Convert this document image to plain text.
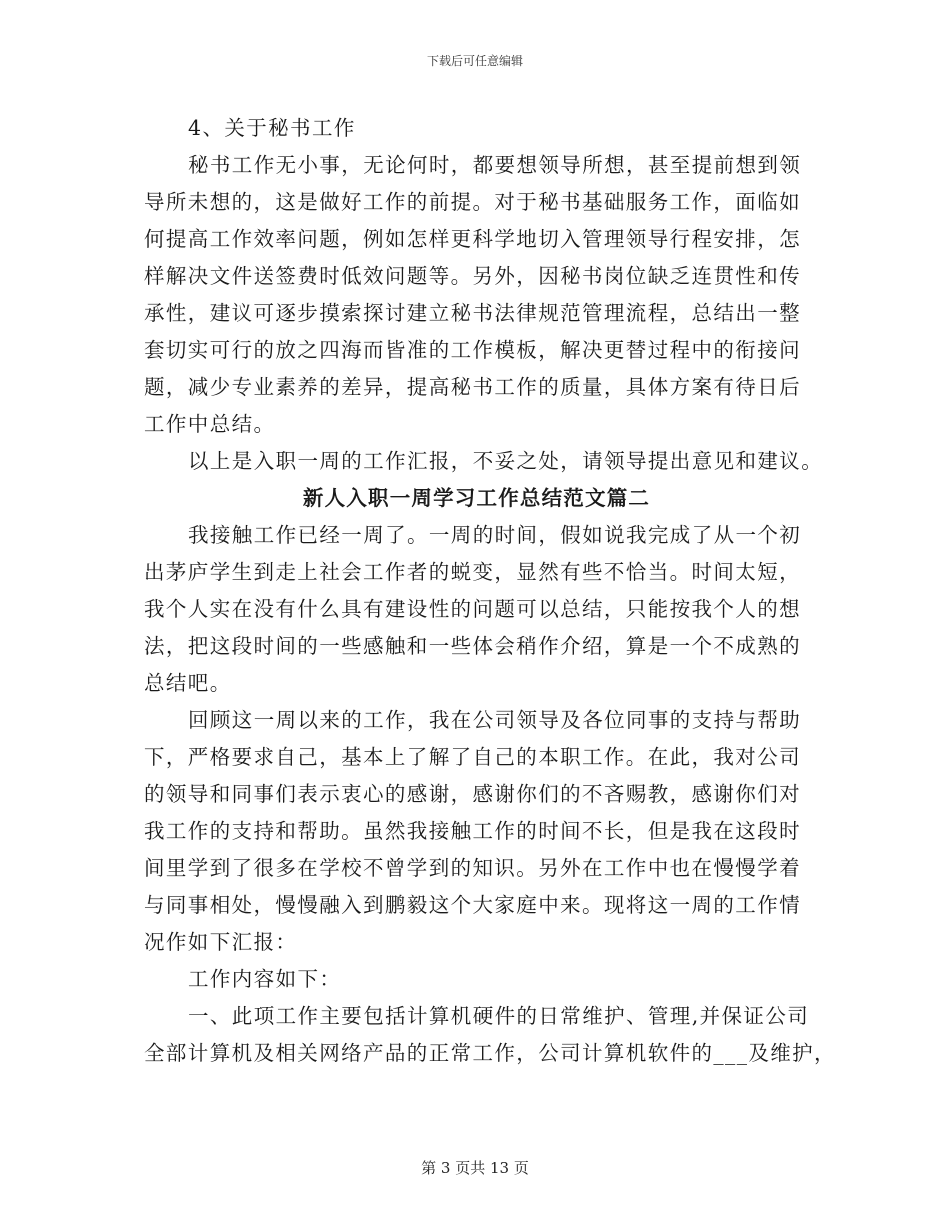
下载后可任意编辑
4、关于秘书工作
秘书工作无小事，无论何时，都要想领导所想，甚至提前想到领
导所未想的，这是做好工作的前提。对于秘书基础服务工作，面临如
何提高工作效率问题，例如怎样更科学地切入管理领导行程安排，怎
样解决文件送签费时低效问题等。另外，因秘书岗位缺乏连贯性和传
承性，建议可逐步摸索探讨建立秘书法律规范管理流程，总结出一整
套切实可行的放之四海而皆准的工作模板，解决更替过程中的衔接问
题，减少专业素养的差异，提高秘书工作的质量，具体方案有待日后
工作中总结。
以上是入职一周的工作汇报，不妥之处，请领导提出意见和建议。
新人入职一周学习工作总结范文篇二
我接触工作已经一周了。一周的时间，假如说我完成了从一个初
出茅庐学生到走上社会工作者的蜕变，显然有些不恰当。时间太短，
我个人实在没有什么具有建设性的问题可以总结，只能按我个人的想
法，把这段时间的一些感触和一些体会稍作介绍，算是一个不成熟的
总结吧。
回顾这一周以来的工作，我在公司领导及各位同事的支持与帮助
下，严格要求自己，基本上了解了自己的本职工作。在此，我对公司
的领导和同事们表示衷心的感谢，感谢你们的不吝赐教，感谢你们对
我工作的支持和帮助。虽然我接触工作的时间不长，但是我在这段时
间里学到了很多在学校不曾学到的知识。另外在工作中也在慢慢学着
与同事相处，慢慢融入到鹏毅这个大家庭中来。现将这一周的工作情
况作如下汇报：
工作内容如下：
一、此项工作主要包括计算机硬件的日常维护、管理,并保证公司
全部计算机及相关网络产品的正常工作，公司计算机软件的___及维护，
第 3 页共 13 页
